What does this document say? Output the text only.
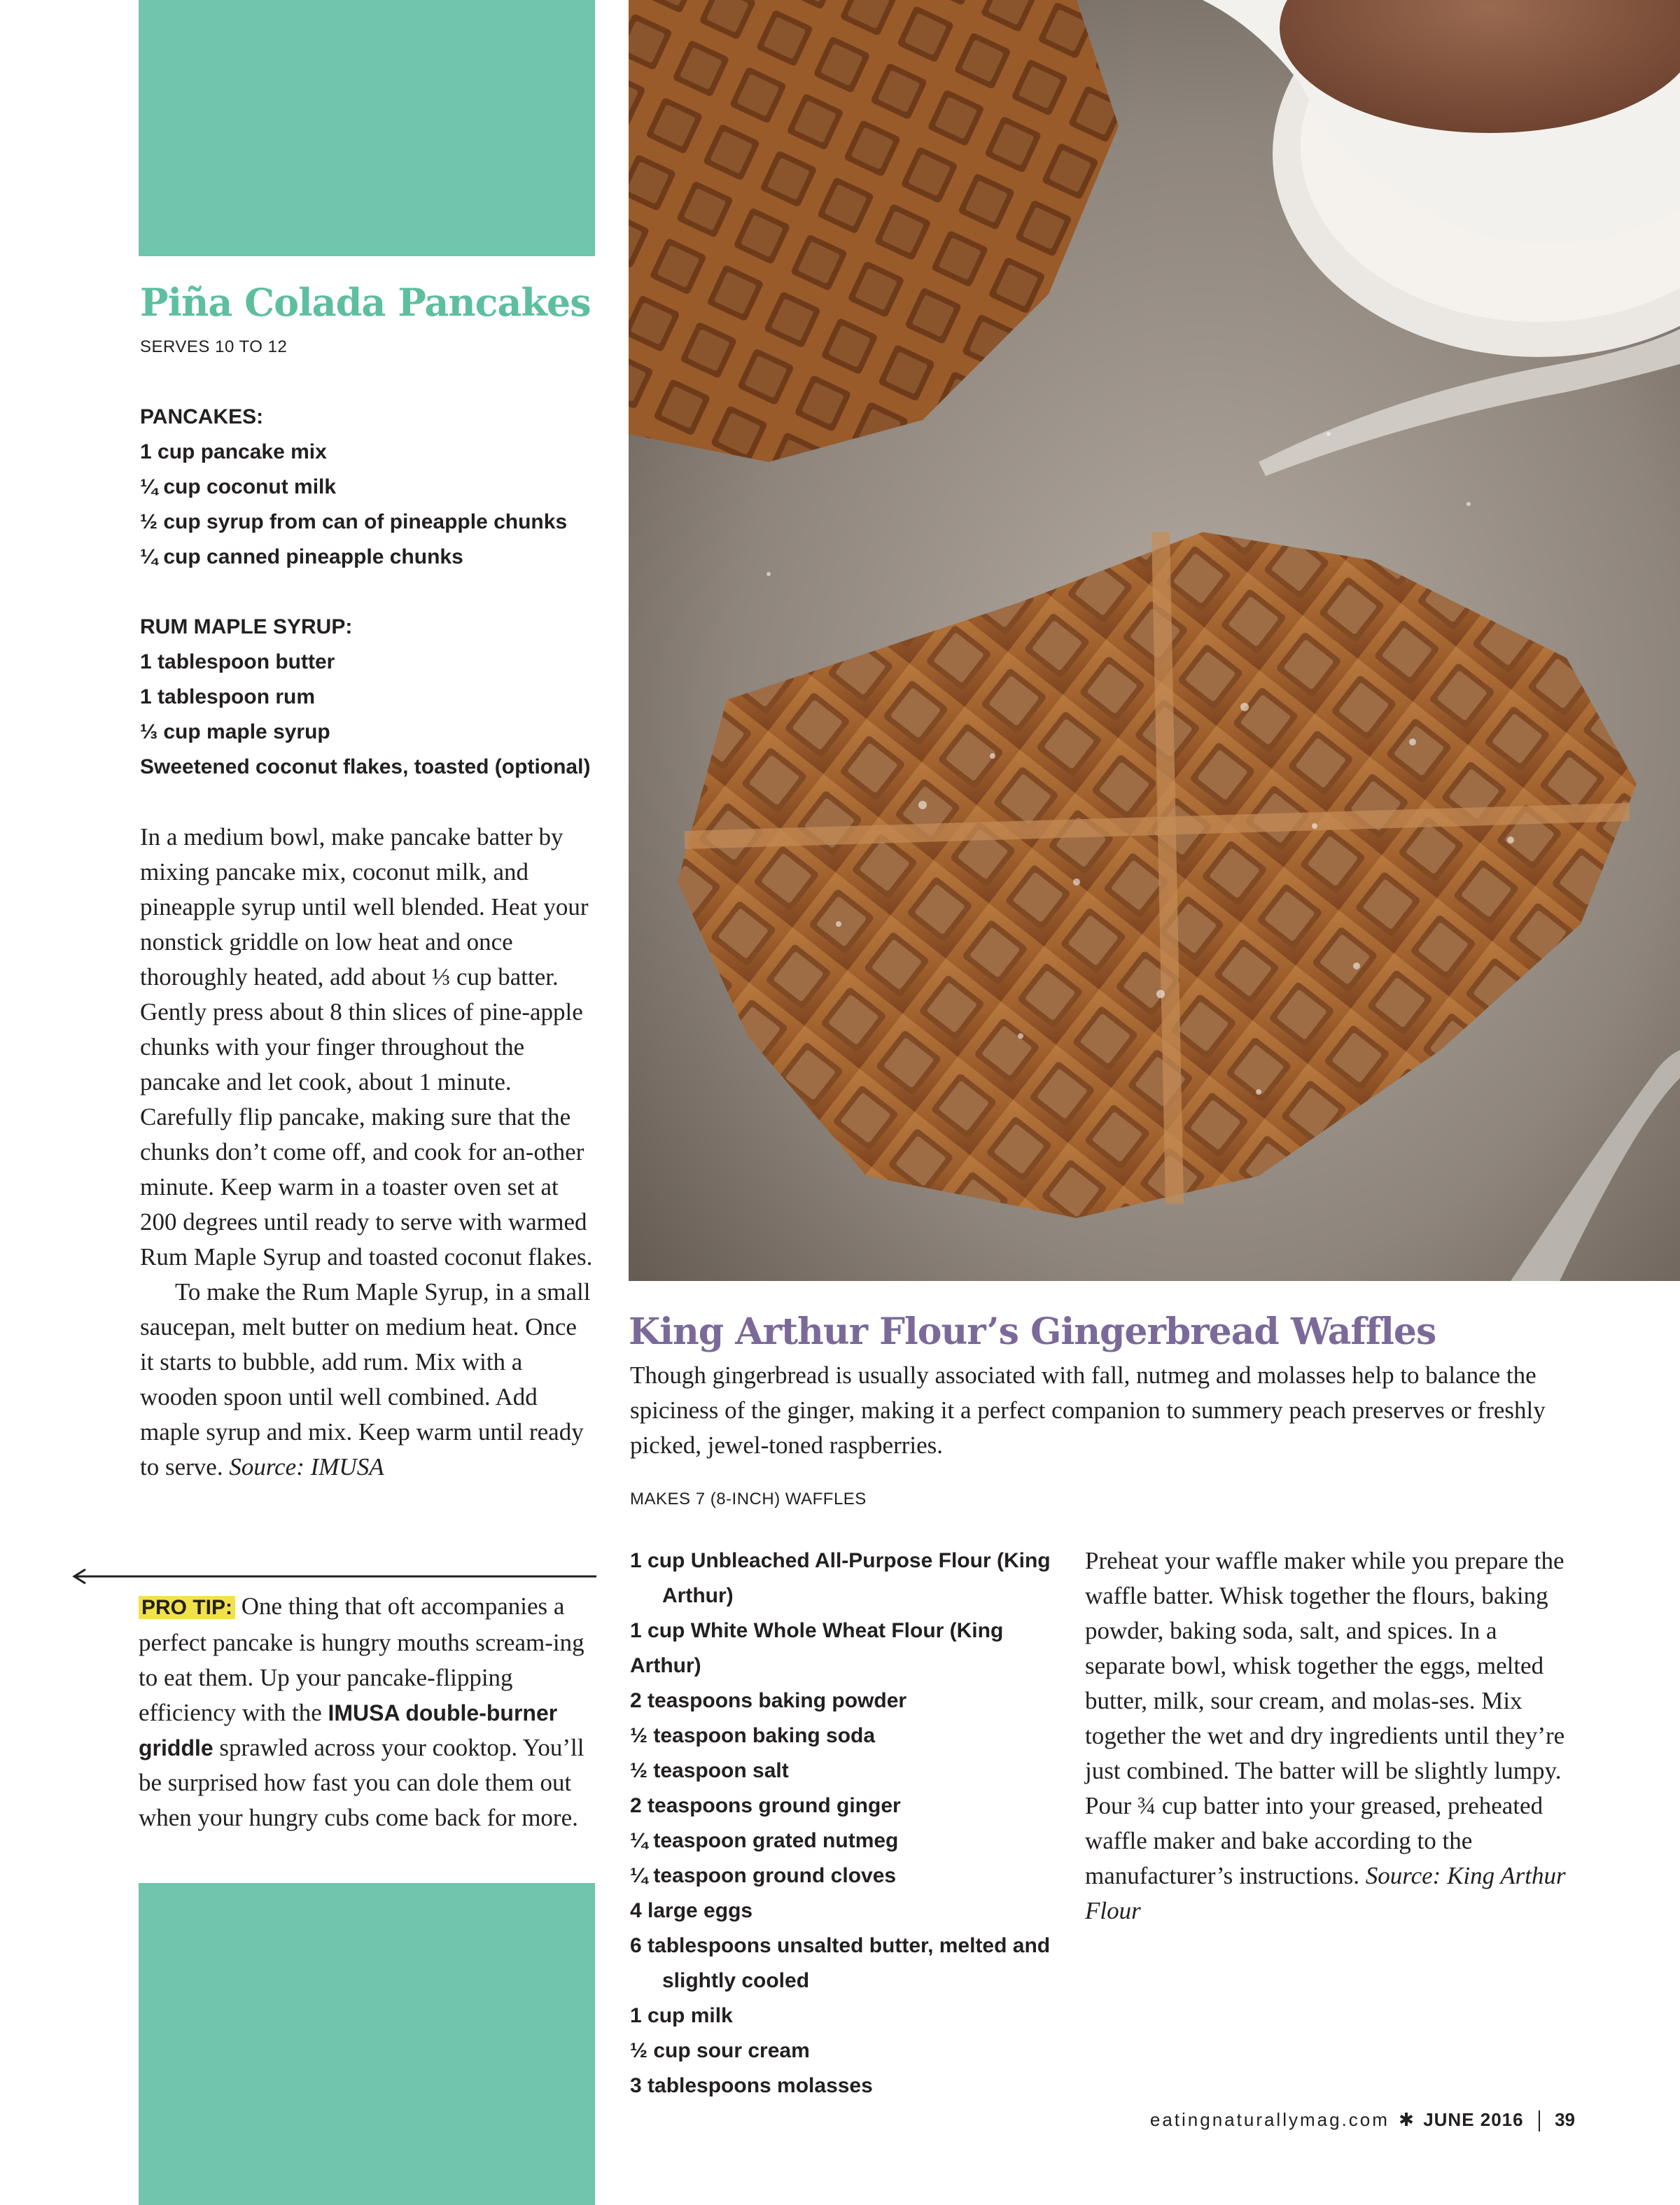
Piña Colada Pancakes
SERVES 10 TO 12
PANCAKES:
1 cup pancake mix
¼ cup coconut milk
½ cup syrup from can of pineapple chunks
¼ cup canned pineapple chunks
RUM MAPLE SYRUP:
1 tablespoon butter
1 tablespoon rum
⅓ cup maple syrup
Sweetened coconut flakes, toasted (optional)

In a medium bowl, make pancake batter by mixing pancake mix, coconut milk, and pineapple syrup until well blended. Heat your nonstick griddle on low heat and once thoroughly heated, add about ⅓ cup batter. Gently press about 8 thin slices of pine-apple chunks with your finger throughout the pancake and let cook, about 1 minute. Carefully flip pancake, making sure that the chunks don’t come off, and cook for an-other minute. Keep warm in a toaster oven set at 200 degrees until ready to serve with warmed Rum Maple Syrup and toasted coconut flakes.

To make the Rum Maple Syrup, in a small saucepan, melt butter on medium heat. Once it starts to bubble, add rum. Mix with a wooden spoon until well combined. Add maple syrup and mix. Keep warm until ready to serve. Source: IMUSA

PRO TIP: One thing that oft accompanies a perfect pancake is hungry mouths scream-ing to eat them. Up your pancake-flipping efficiency with the IMUSA double-burner griddle sprawled across your cooktop. You’ll be surprised how fast you can dole them out when your hungry cubs come back for more.

King Arthur Flour’s Gingerbread Waffles

Though gingerbread is usually associated with fall, nutmeg and molasses help to balance the spiciness of the ginger, making it a perfect companion to summery peach preserves or freshly picked, jewel-toned raspberries.

MAKES 7 (8-INCH) WAFFLES
1 cup Unbleached All-Purpose Flour (King Arthur)
1 cup White Whole Wheat Flour (King Arthur)
2 teaspoons baking powder
½ teaspoon baking soda
½ teaspoon salt
2 teaspoons ground ginger
¼ teaspoon grated nutmeg
¼ teaspoon ground cloves
4 large eggs
6 tablespoons unsalted butter, melted and slightly cooled
1 cup milk
½ cup sour cream
3 tablespoons molasses

Preheat your waffle maker while you prepare the waffle batter. Whisk together the flours, baking powder, baking soda, salt, and spices. In a separate bowl, whisk together the eggs, melted butter, milk, sour cream, and molas-ses. Mix together the wet and dry ingredients until they’re just combined. The batter will be slightly lumpy. Pour ¾ cup batter into your greased, preheated waffle maker and bake according to the manufacturer’s instructions. Source: King Arthur Flour

eatingnaturallymag.com ✱ JUNE 2016 39
